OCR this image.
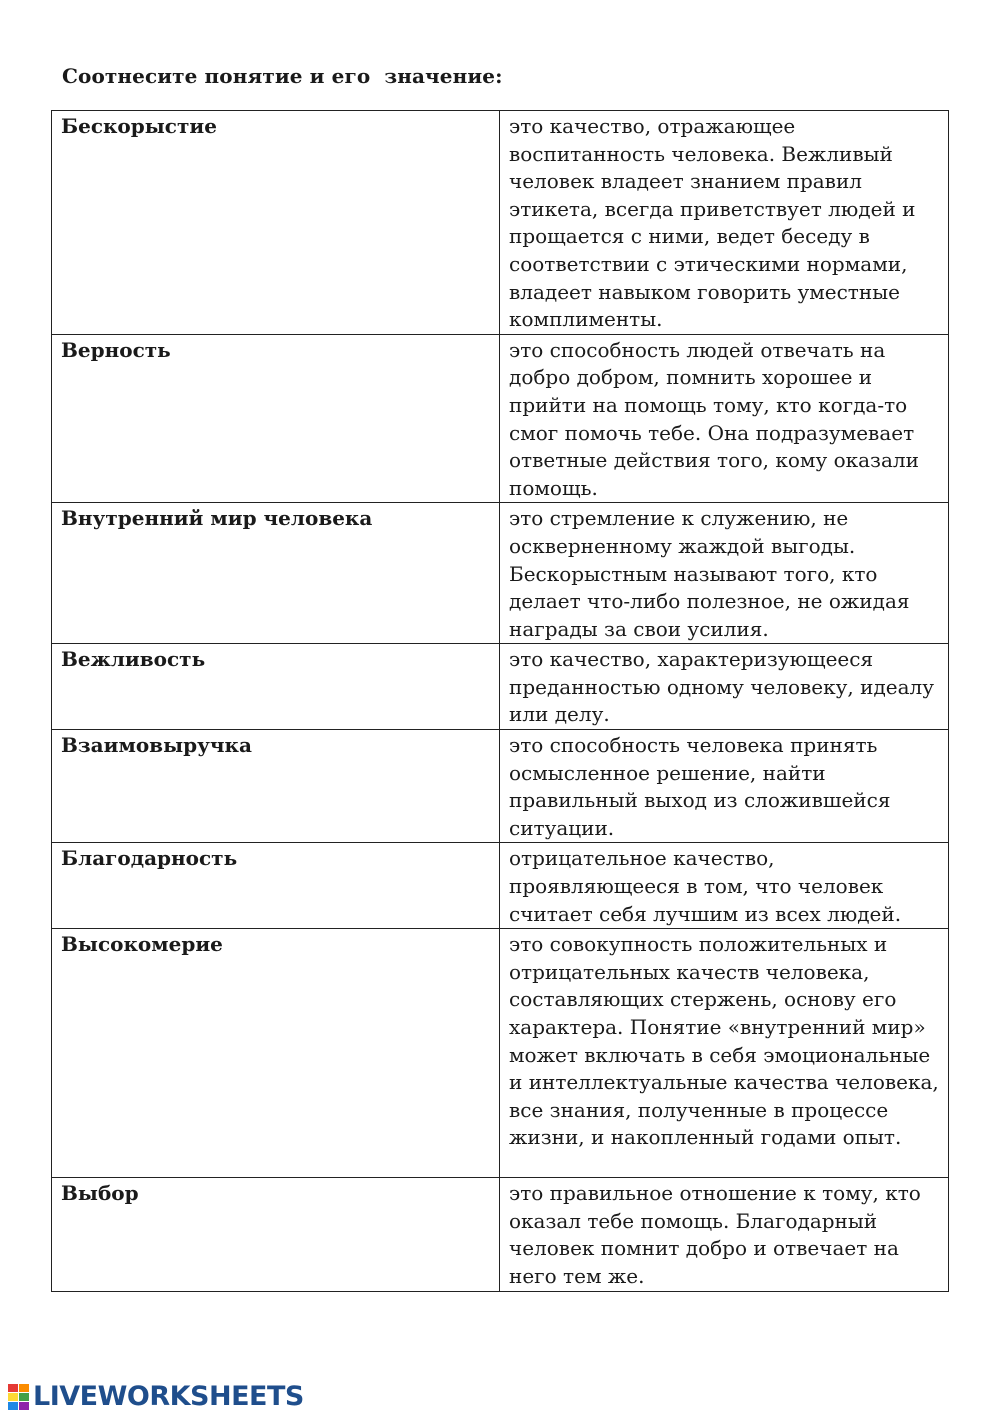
Соотнесите понятие и его  значение:
Бескорыстие	это качество, отражающее воспитанность человека. Вежливый человек владеет знанием правил этикета, всегда приветствует людей и прощается с ними, ведет беседу в соответствии с этическими нормами, владеет навыком говорить уместные комплименты.
Верность	это способность людей отвечать на добро добром, помнить хорошее и прийти на помощь тому, кто когда-то смог помочь тебе. Она подразумевает ответные действия того, кому оказали помощь.
Внутренний мир человека	это стремление к служению, не оскверненному жаждой выгоды. Бескорыстным называют того, кто делает что-либо полезное, не ожидая награды за свои усилия.
Вежливость	это качество, характеризующееся преданностью одному человеку, идеалу или делу.
Взаимовыручка	это способность человека принять осмысленное решение, найти правильный выход из сложившейся ситуации.
Благодарность	отрицательное качество, проявляющееся в том, что человек считает себя лучшим из всех людей.
Высокомерие	это совокупность положительных и отрицательных качеств человека, составляющих стержень, основу его характера. Понятие «внутренний мир» может включать в себя эмоциональные и интеллектуальные качества человека, все знания, полученные в процессе жизни, и накопленный годами опыт.
Выбор	это правильное отношение к тому, кто оказал тебе помощь. Благодарный человек помнит добро и отвечает на него тем же.
LIVEWORKSHEETS
